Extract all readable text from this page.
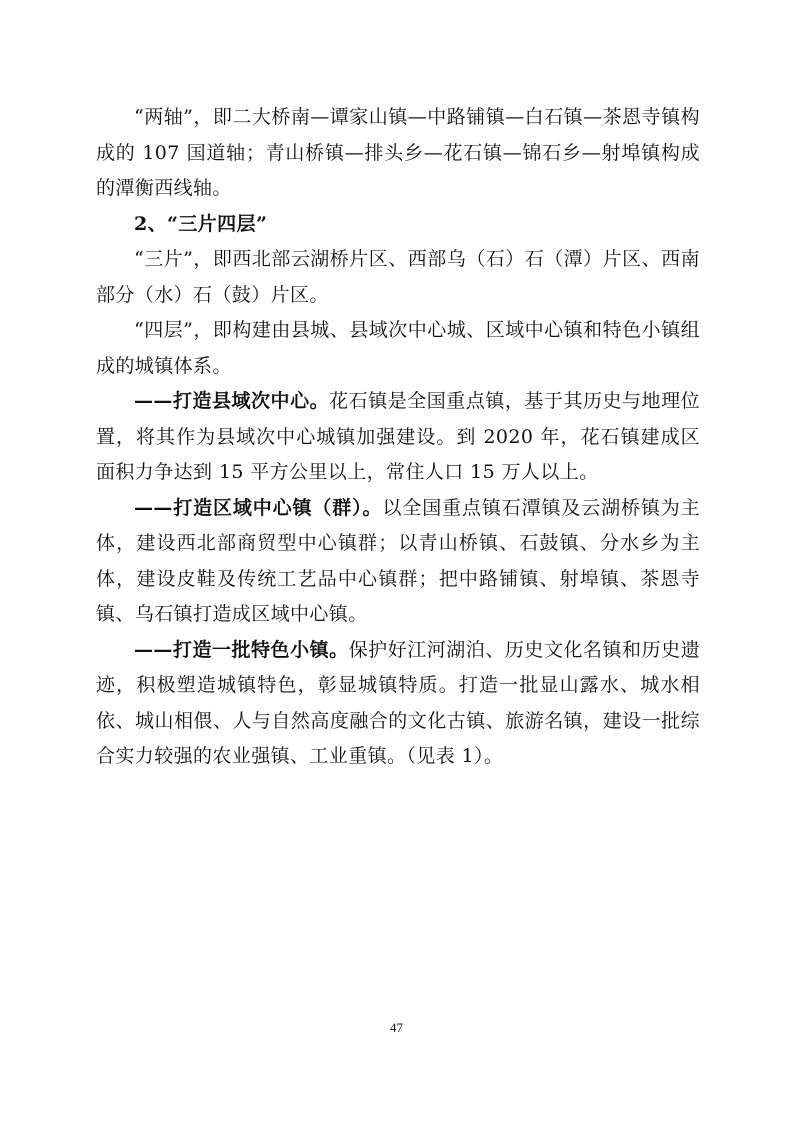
“两轴”，即二大桥南—谭家山镇—中路铺镇—白石镇—茶恩寺镇构成的 107 国道轴；青山桥镇—排头乡—花石镇—锦石乡—射埠镇构成的潭衡西线轴。

2、“三片四层”

“三片”，即西北部云湖桥片区、西部乌（石）石（潭）片区、西南部分（水）石（鼓）片区。

“四层”，即构建由县城、县域次中心城、区域中心镇和特色小镇组成的城镇体系。

——打造县域次中心。花石镇是全国重点镇，基于其历史与地理位置，将其作为县域次中心城镇加强建设。到 2020 年，花石镇建成区面积力争达到 15 平方公里以上，常住人口 15 万人以上。

——打造区域中心镇（群）。以全国重点镇石潭镇及云湖桥镇为主体，建设西北部商贸型中心镇群；以青山桥镇、石鼓镇、分水乡为主体，建设皮鞋及传统工艺品中心镇群；把中路铺镇、射埠镇、茶恩寺镇、乌石镇打造成区域中心镇。

——打造一批特色小镇。保护好江河湖泊、历史文化名镇和历史遗迹，积极塑造城镇特色，彰显城镇特质。打造一批显山露水、城水相依、城山相偎、人与自然高度融合的文化古镇、旅游名镇，建设一批综合实力较强的农业强镇、工业重镇。（见表 1）。

47
